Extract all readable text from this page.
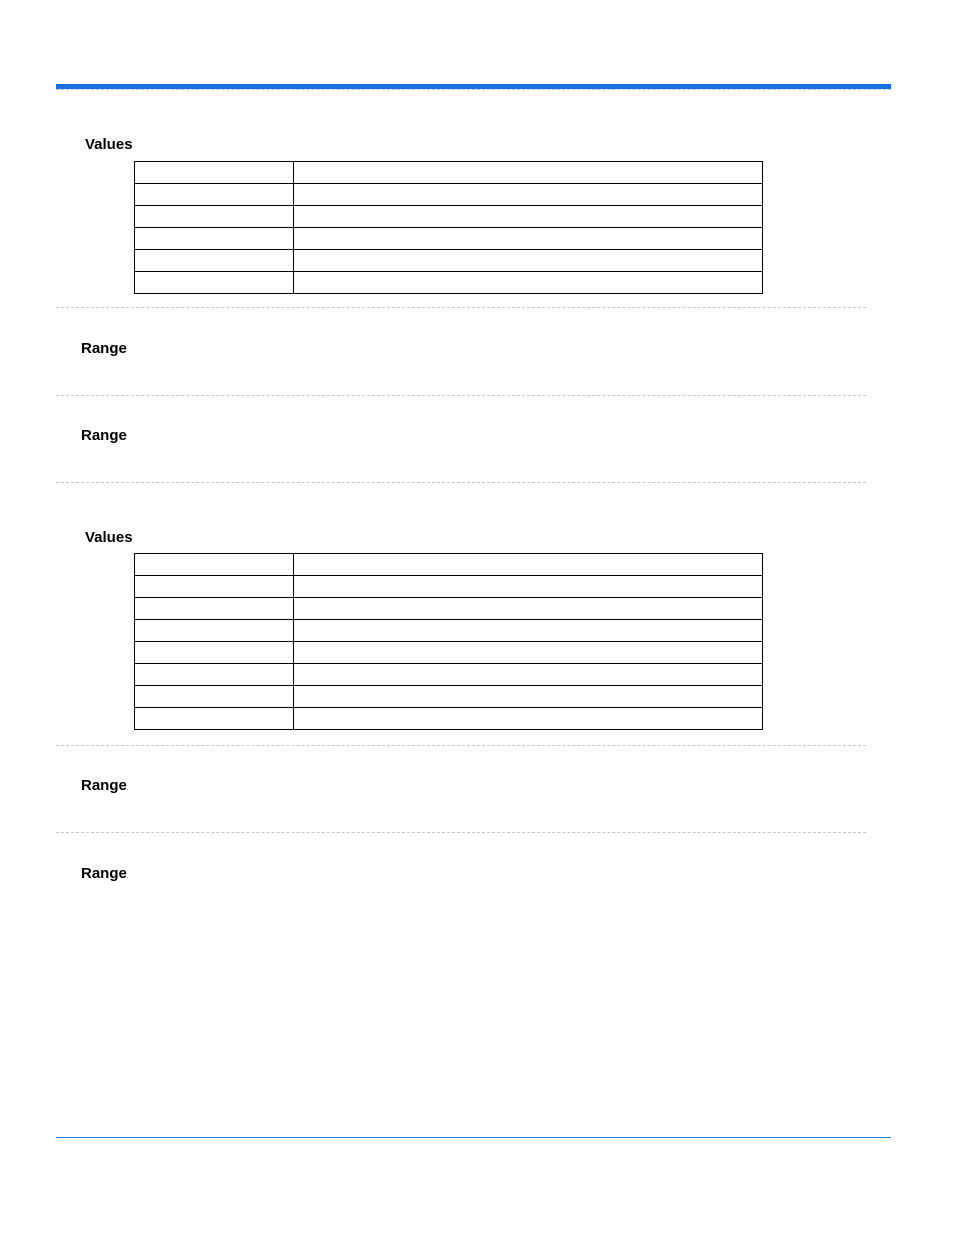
Values

Range
Range
Values

Range
Range
